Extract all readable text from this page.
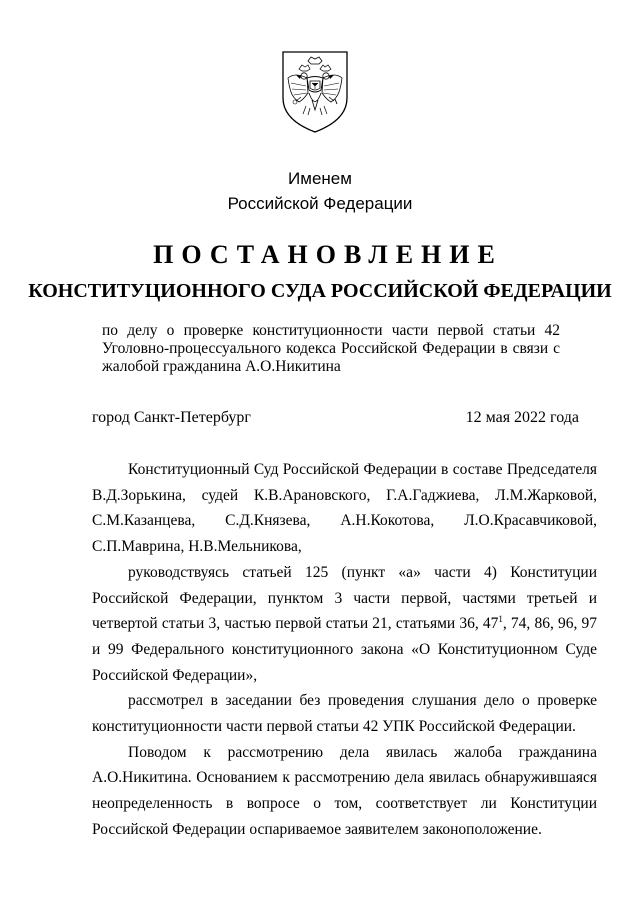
Именем
Российской Федерации
ПОСТАНОВЛЕНИЕ
КОНСТИТУЦИОННОГО СУДА РОССИЙСКОЙ ФЕДЕРАЦИИ
по делу о проверке конституционности части первой статьи 42 Уголовно-процессуального кодекса Российской Федерации в связи с жалобой гражданина А.О.Никитина
город Санкт-Петербург	12 мая 2022 года

Конституционный Суд Российской Федерации в составе Председателя

В.Д.Зорькина, судей К.В.Арановского, Г.А.Гаджиева, Л.М.Жарковой, С.М.Казанцева, С.Д.Князева, А.Н.Кокотова, Л.О.Красавчиковой, С.П.Маврина, Н.В.Мельникова,

руководствуясь статьей 125 (пункт «а» части 4) Конституции Российской Федерации, пунктом 3 части первой, частями третьей и четвертой статьи 3, частью первой статьи 21, статьями 36, $47^1$, 74, 86, 96, 97 и 99 Федерального конституционного закона «О Конституционном Суде Российской Федерации»,

рассмотрел в заседании без проведения слушания дело о проверке конституционности части первой статьи 42 УПК Российской Федерации.

Поводом к рассмотрению дела явилась жалоба гражданина А.О.Никитина. Основанием к рассмотрению дела явилась обнаружившаяся неопределенность в вопросе о том, соответствует ли Конституции Российской Федерации оспариваемое заявителем законоположение.
